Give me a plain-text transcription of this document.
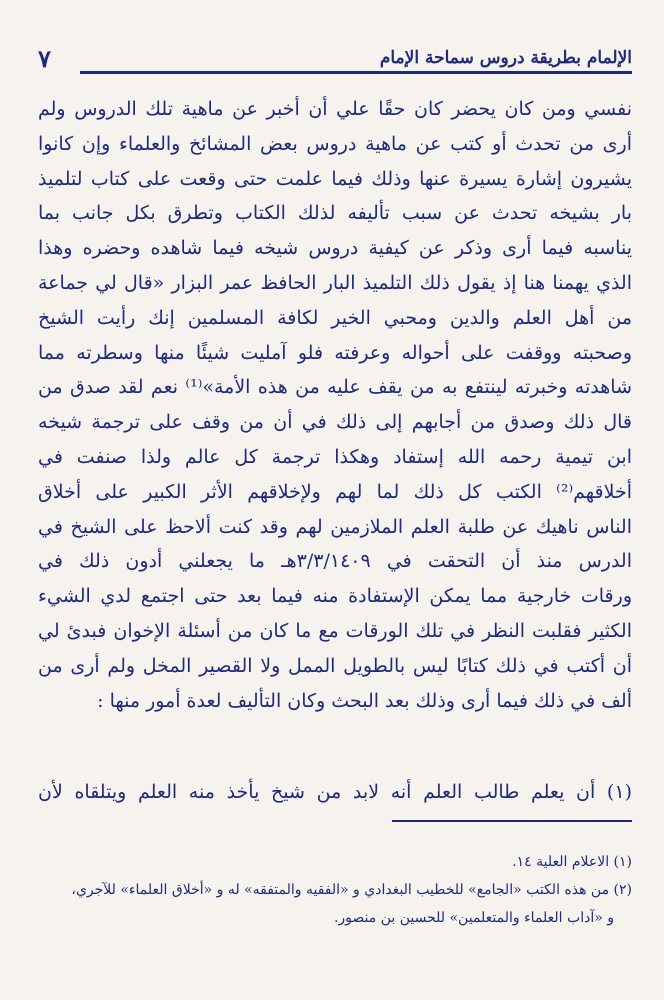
٧	الإلمام بطريقة دروس سماحة الإمام
نفسي ومن كان يحضر كان حقًا علي أن أخبر عن ماهية تلك الدروس ولم
أرى من تحدث أو كتب عن ماهية دروس بعض المشائخ والعلماء وإن كانوا
يشيرون إشارة يسيرة عنها وذلك فيما علمت حتى وقعت على كتاب لتلميذ
بار بشيخه تحدث عن سبب تأليفه لذلك الكتاب وتطرق بكل جانب بما
يناسبه فيما أرى وذكر عن كيفية دروس شيخه فيما شاهده وحضره وهذا
الذي يهمنا هنا إذ يقول ذلك التلميذ البار الحافظ عمر البزار «قال لي جماعة
من أهل العلم والدين ومحبي الخير لكافة المسلمين إنك رأيت الشيخ
وصحبته ووقفت على أحواله وعرفته فلو آمليت شيئًا منها وسطرته مما
شاهدته وخبرته لينتفع به من يقف عليه من هذه الأمة»⁽¹⁾ نعم لقد صدق من
قال ذلك وصدق من أجابهم إلى ذلك في أن من وقف على ترجمة شيخه
ابن تيمية رحمه الله إستفاد وهكذا ترجمة كل عالم ولذا صنفت في
أخلاقهم⁽²⁾ الكتب كل ذلك لما لهم ولإخلاقهم الأثر الكبير على أخلاق
الناس ناهيك عن طلبة العلم الملازمين لهم وقد كنت ألاحظ على الشيخ في
الدرس منذ أن التحقت في ٣/٣/١٤٠٩هـ ما يجعلني أدون ذلك في
ورقات خارجية مما يمكن الإستفادة منه فيما بعد حتى اجتمع لدي الشيء
الكثير فقلبت النظر في تلك الورقات مع ما كان من أسئلة الإخوان فبدئ لي
أن أكتب في ذلك كتابًا ليس بالطويل الممل ولا القصير المخل ولم أرى من
ألف في ذلك فيما أرى وذلك بعد البحث وكان التأليف لعدة أمور منها :
(١) أن يعلم طالب العلم أنه لابد من شيخ يأخذ منه العلم ويتلقاه لأن
(١) الاعلام العلية ١٤.
(٢) من هذه الكتب «الجامع» للخطيب البغدادي و «الفقيه والمتفقه» له و «أخلاق العلماء» للآجري،
و «آداب العلماء والمتعلمين» للحسين بن منصور.
